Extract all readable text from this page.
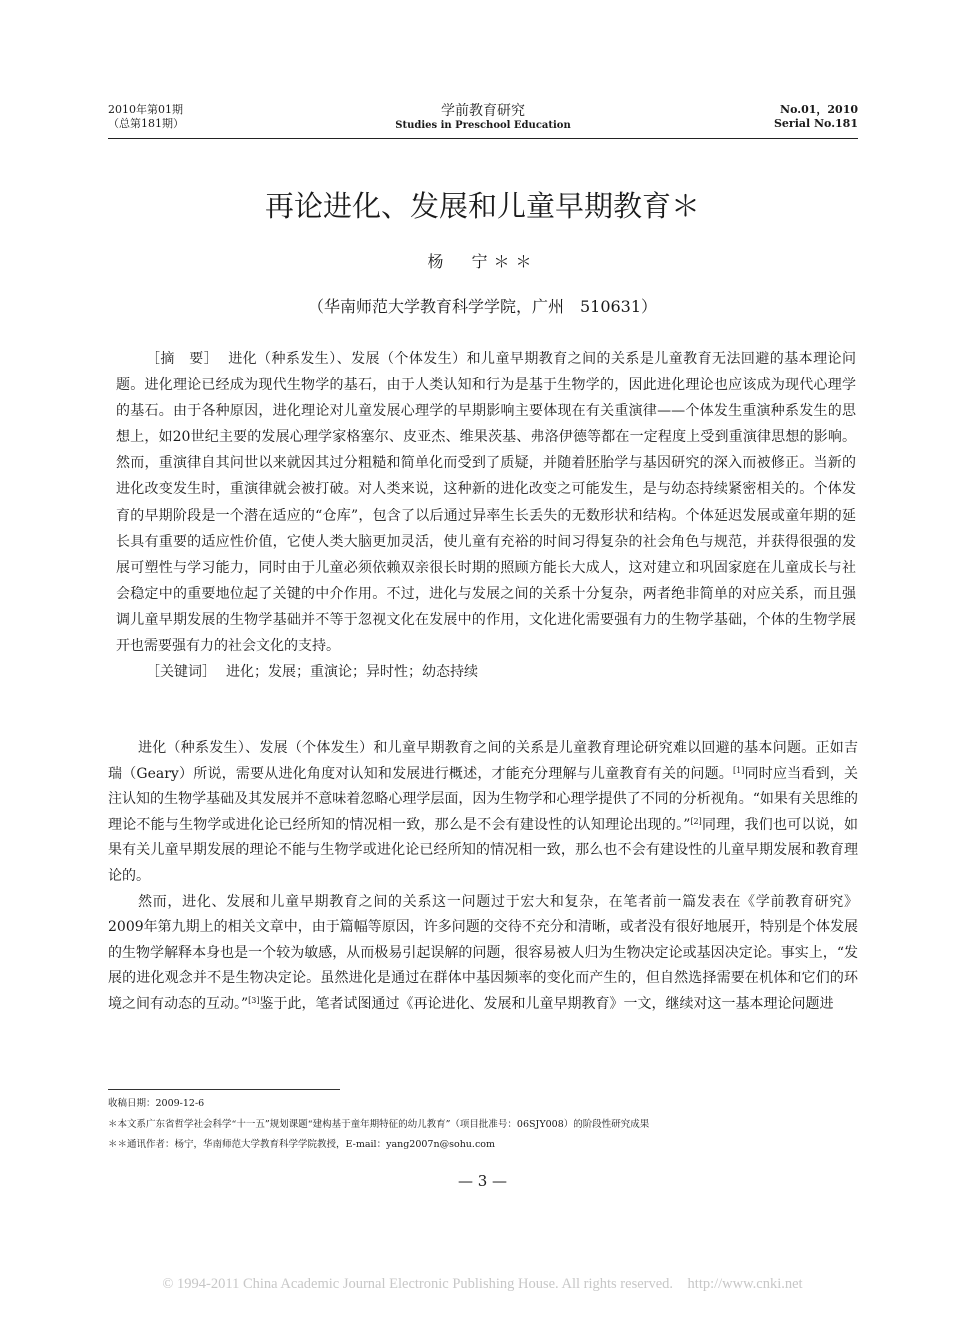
2010年第01期
（总第181期）
学前教育研究
Studies in Preschool Education
No.01，2010
Serial No.181
再论进化、发展和儿童早期教育＊
杨　宁＊＊
（华南师范大学教育科学学院，广州　510631）

［摘　要］ 进化（种系发生）、发展（个体发生）和儿童早期教育之间的关系是儿童教育无法回避的基本理论问题。进化理论已经成为现代生物学的基石，由于人类认知和行为是基于生物学的，因此进化理论也应该成为现代心理学的基石。由于各种原因，进化理论对儿童发展心理学的早期影响主要体现在有关重演律——个体发生重演种系发生的思想上，如20世纪主要的发展心理学家格塞尔、皮亚杰、维果茨基、弗洛伊德等都在一定程度上受到重演律思想的影响。然而，重演律自其问世以来就因其过分粗糙和简单化而受到了质疑，并随着胚胎学与基因研究的深入而被修正。当新的进化改变发生时，重演律就会被打破。对人类来说，这种新的进化改变之可能发生，是与幼态持续紧密相关的。个体发育的早期阶段是一个潜在适应的“仓库”，包含了以后通过异率生长丢失的无数形状和结构。个体延迟发展或童年期的延长具有重要的适应性价值，它使人类大脑更加灵活，使儿童有充裕的时间习得复杂的社会角色与规范，并获得很强的发展可塑性与学习能力，同时由于儿童必须依赖双亲很长时期的照顾方能长大成人，这对建立和巩固家庭在儿童成长与社会稳定中的重要地位起了关键的中介作用。不过，进化与发展之间的关系十分复杂，两者绝非简单的对应关系，而且强调儿童早期发展的生物学基础并不等于忽视文化在发展中的作用，文化进化需要强有力的生物学基础，个体的生物学展开也需要强有力的社会文化的支持。

［关键词］ 进化；发展；重演论；异时性；幼态持续

进化（种系发生）、发展（个体发生）和儿童早期教育之间的关系是儿童教育理论研究难以回避的基本问题。正如吉瑞（Geary）所说，需要从进化角度对认知和发展进行概述，才能充分理解与儿童教育有关的问题。[1]同时应当看到，关注认知的生物学基础及其发展并不意味着忽略心理学层面，因为生物学和心理学提供了不同的分析视角。“如果有关思维的理论不能与生物学或进化论已经所知的情况相一致，那么是不会有建设性的认知理论出现的。”[2]同理，我们也可以说，如果有关儿童早期发展的理论不能与生物学或进化论已经所知的情况相一致，那么也不会有建设性的儿童早期发展和教育理论的。

然而，进化、发展和儿童早期教育之间的关系这一问题过于宏大和复杂，在笔者前一篇发表在《学前教育研究》2009年第九期上的相关文章中，由于篇幅等原因，许多问题的交待不充分和清晰，或者没有很好地展开，特别是个体发展的生物学解释本身也是一个较为敏感，从而极易引起误解的问题，很容易被人归为生物决定论或基因决定论。事实上，“发展的进化观念并不是生物决定论。虽然进化是通过在群体中基因频率的变化而产生的，但自然选择需要在机体和它们的环境之间有动态的互动。”[3]鉴于此，笔者试图通过《再论进化、发展和儿童早期教育》一文，继续对这一基本理论问题进

收稿日期：2009-12-6
＊本文系广东省哲学社会科学“十一五”规划课题“建构基于童年期特征的幼儿教育”（项目批准号：06SJY008）的阶段性研究成果
＊＊通讯作者：杨宁，华南师范大学教育科学学院教授，E-mail：yang2007n@sohu.com
— 3 —
© 1994-2011 China Academic Journal Electronic Publishing House. All rights reserved.　http://www.cnki.net
